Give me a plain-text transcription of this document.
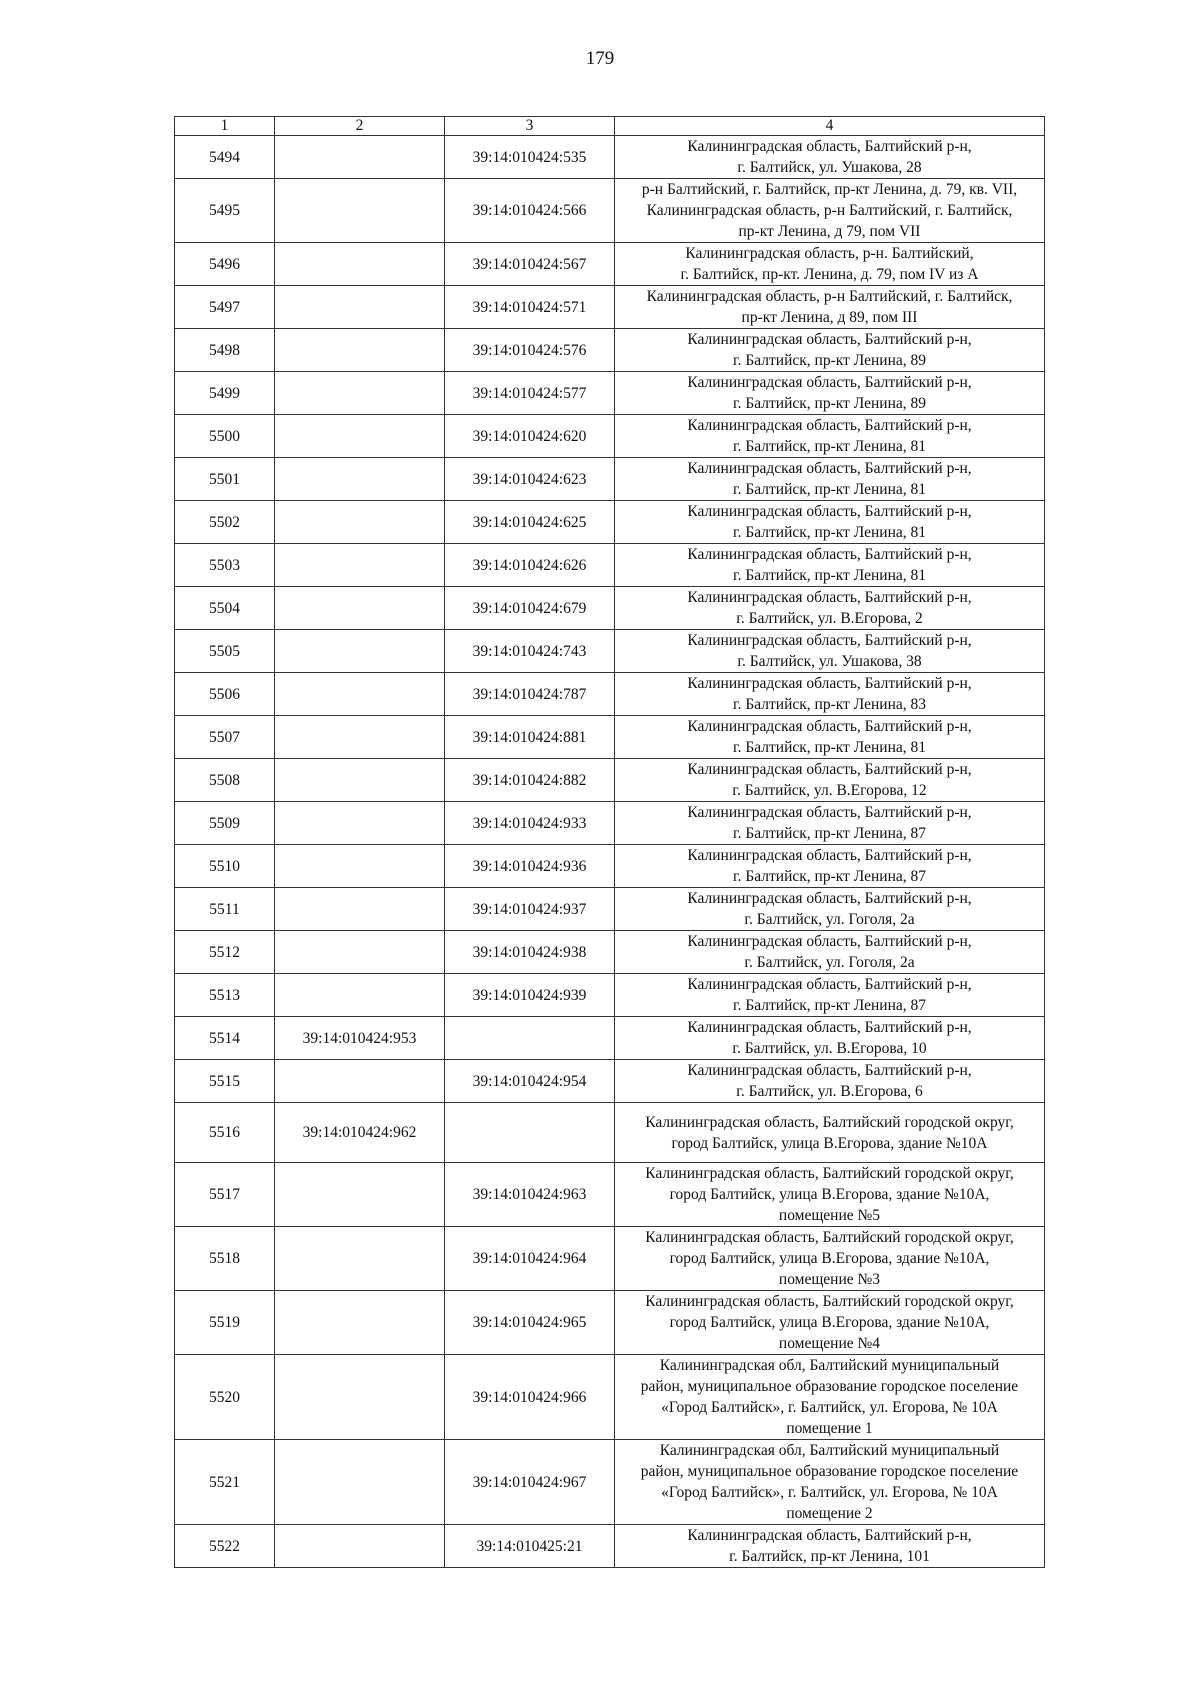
179
1	2	3	4
5494		39:14:010424:535	Калининградская область, Балтийский р-н,
г. Балтийск, ул. Ушакова, 28
5495		39:14:010424:566	р-н Балтийский, г. Балтийск, пр-кт Ленина, д. 79, кв. VII,
Калининградская область, р-н Балтийский, г. Балтийск,
пр-кт Ленина, д 79, пом VII
5496		39:14:010424:567	Калининградская область, р-н. Балтийский,
г. Балтийск, пр-кт. Ленина, д. 79, пом IV из А
5497		39:14:010424:571	Калининградская область, р-н Балтийский, г. Балтийск,
пр-кт Ленина, д 89, пом III
5498		39:14:010424:576	Калининградская область, Балтийский р-н,
г. Балтийск, пр-кт Ленина, 89
5499		39:14:010424:577	Калининградская область, Балтийский р-н,
г. Балтийск, пр-кт Ленина, 89
5500		39:14:010424:620	Калининградская область, Балтийский р-н,
г. Балтийск, пр-кт Ленина, 81
5501		39:14:010424:623	Калининградская область, Балтийский р-н,
г. Балтийск, пр-кт Ленина, 81
5502		39:14:010424:625	Калининградская область, Балтийский р-н,
г. Балтийск, пр-кт Ленина, 81
5503		39:14:010424:626	Калининградская область, Балтийский р-н,
г. Балтийск, пр-кт Ленина, 81
5504		39:14:010424:679	Калининградская область, Балтийский р-н,
г. Балтийск, ул. В.Егорова, 2
5505		39:14:010424:743	Калининградская область, Балтийский р-н,
г. Балтийск, ул. Ушакова, 38
5506		39:14:010424:787	Калининградская область, Балтийский р-н,
г. Балтийск, пр-кт Ленина, 83
5507		39:14:010424:881	Калининградская область, Балтийский р-н,
г. Балтийск, пр-кт Ленина, 81
5508		39:14:010424:882	Калининградская область, Балтийский р-н,
г. Балтийск, ул. В.Егорова, 12
5509		39:14:010424:933	Калининградская область, Балтийский р-н,
г. Балтийск, пр-кт Ленина, 87
5510		39:14:010424:936	Калининградская область, Балтийский р-н,
г. Балтийск, пр-кт Ленина, 87
5511		39:14:010424:937	Калининградская область, Балтийский р-н,
г. Балтийск, ул. Гоголя, 2а
5512		39:14:010424:938	Калининградская область, Балтийский р-н,
г. Балтийск, ул. Гоголя, 2а
5513		39:14:010424:939	Калининградская область, Балтийский р-н,
г. Балтийск, пр-кт Ленина, 87
5514	39:14:010424:953		Калининградская область, Балтийский р-н,
г. Балтийск, ул. В.Егорова, 10
5515		39:14:010424:954	Калининградская область, Балтийский р-н,
г. Балтийск, ул. В.Егорова, 6
5516	39:14:010424:962		Калининградская область, Балтийский городской округ,
город Балтийск, улица В.Егорова, здание №10А
5517		39:14:010424:963	Калининградская область, Балтийский городской округ,
город Балтийск, улица В.Егорова, здание №10А,
помещение №5
5518		39:14:010424:964	Калининградская область, Балтийский городской округ,
город Балтийск, улица В.Егорова, здание №10А,
помещение №3
5519		39:14:010424:965	Калининградская область, Балтийский городской округ,
город Балтийск, улица В.Егорова, здание №10А,
помещение №4
5520		39:14:010424:966	Калининградская обл, Балтийский муниципальный
район, муниципальное образование городское поселение
«Город Балтийск», г. Балтийск, ул. Егорова, № 10А
помещение 1
5521		39:14:010424:967	Калининградская обл, Балтийский муниципальный
район, муниципальное образование городское поселение
«Город Балтийск», г. Балтийск, ул. Егорова, № 10А
помещение 2
5522		39:14:010425:21	Калининградская область, Балтийский р-н,
г. Балтийск, пр-кт Ленина, 101
